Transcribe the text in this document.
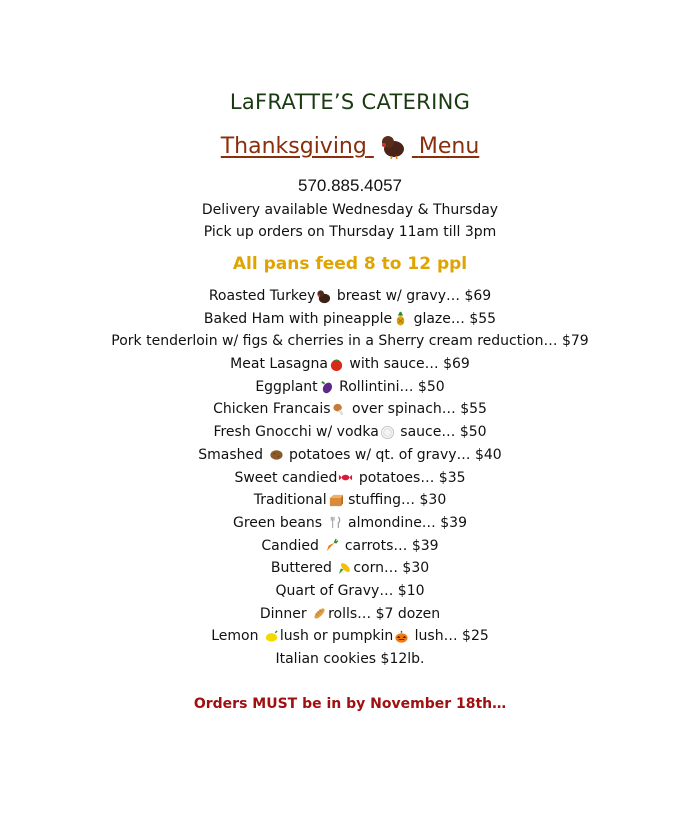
LaFRATTE’S CATERING
Thanksgiving Menu
570.885.4057
Delivery available Wednesday & Thursday
Pick up orders on Thursday 11am till 3pm
All pans feed 8 to 12 ppl
Roasted Turkey breast w/ gravy… $69
Baked Ham with pineapple glaze… $55
Pork tenderloin w/ figs & cherries in a Sherry cream reduction… $79
Meat Lasagna with sauce… $69
Eggplant Rollintini… $50
Chicken Francais over spinach… $55
Fresh Gnocchi w/ vodka sauce… $50
Smashed  potatoes w/ qt. of gravy… $40
Sweet candied potatoes… $35
Traditional stuffing… $30
Green beans  almondine… $39
Candied  carrots… $39
Buttered corn… $30
Quart of Gravy… $10
Dinner rolls… $7 dozen
Lemon lush or pumpkin lush… $25
Italian cookies $12lb.
Orders MUST be in by November 18th…
